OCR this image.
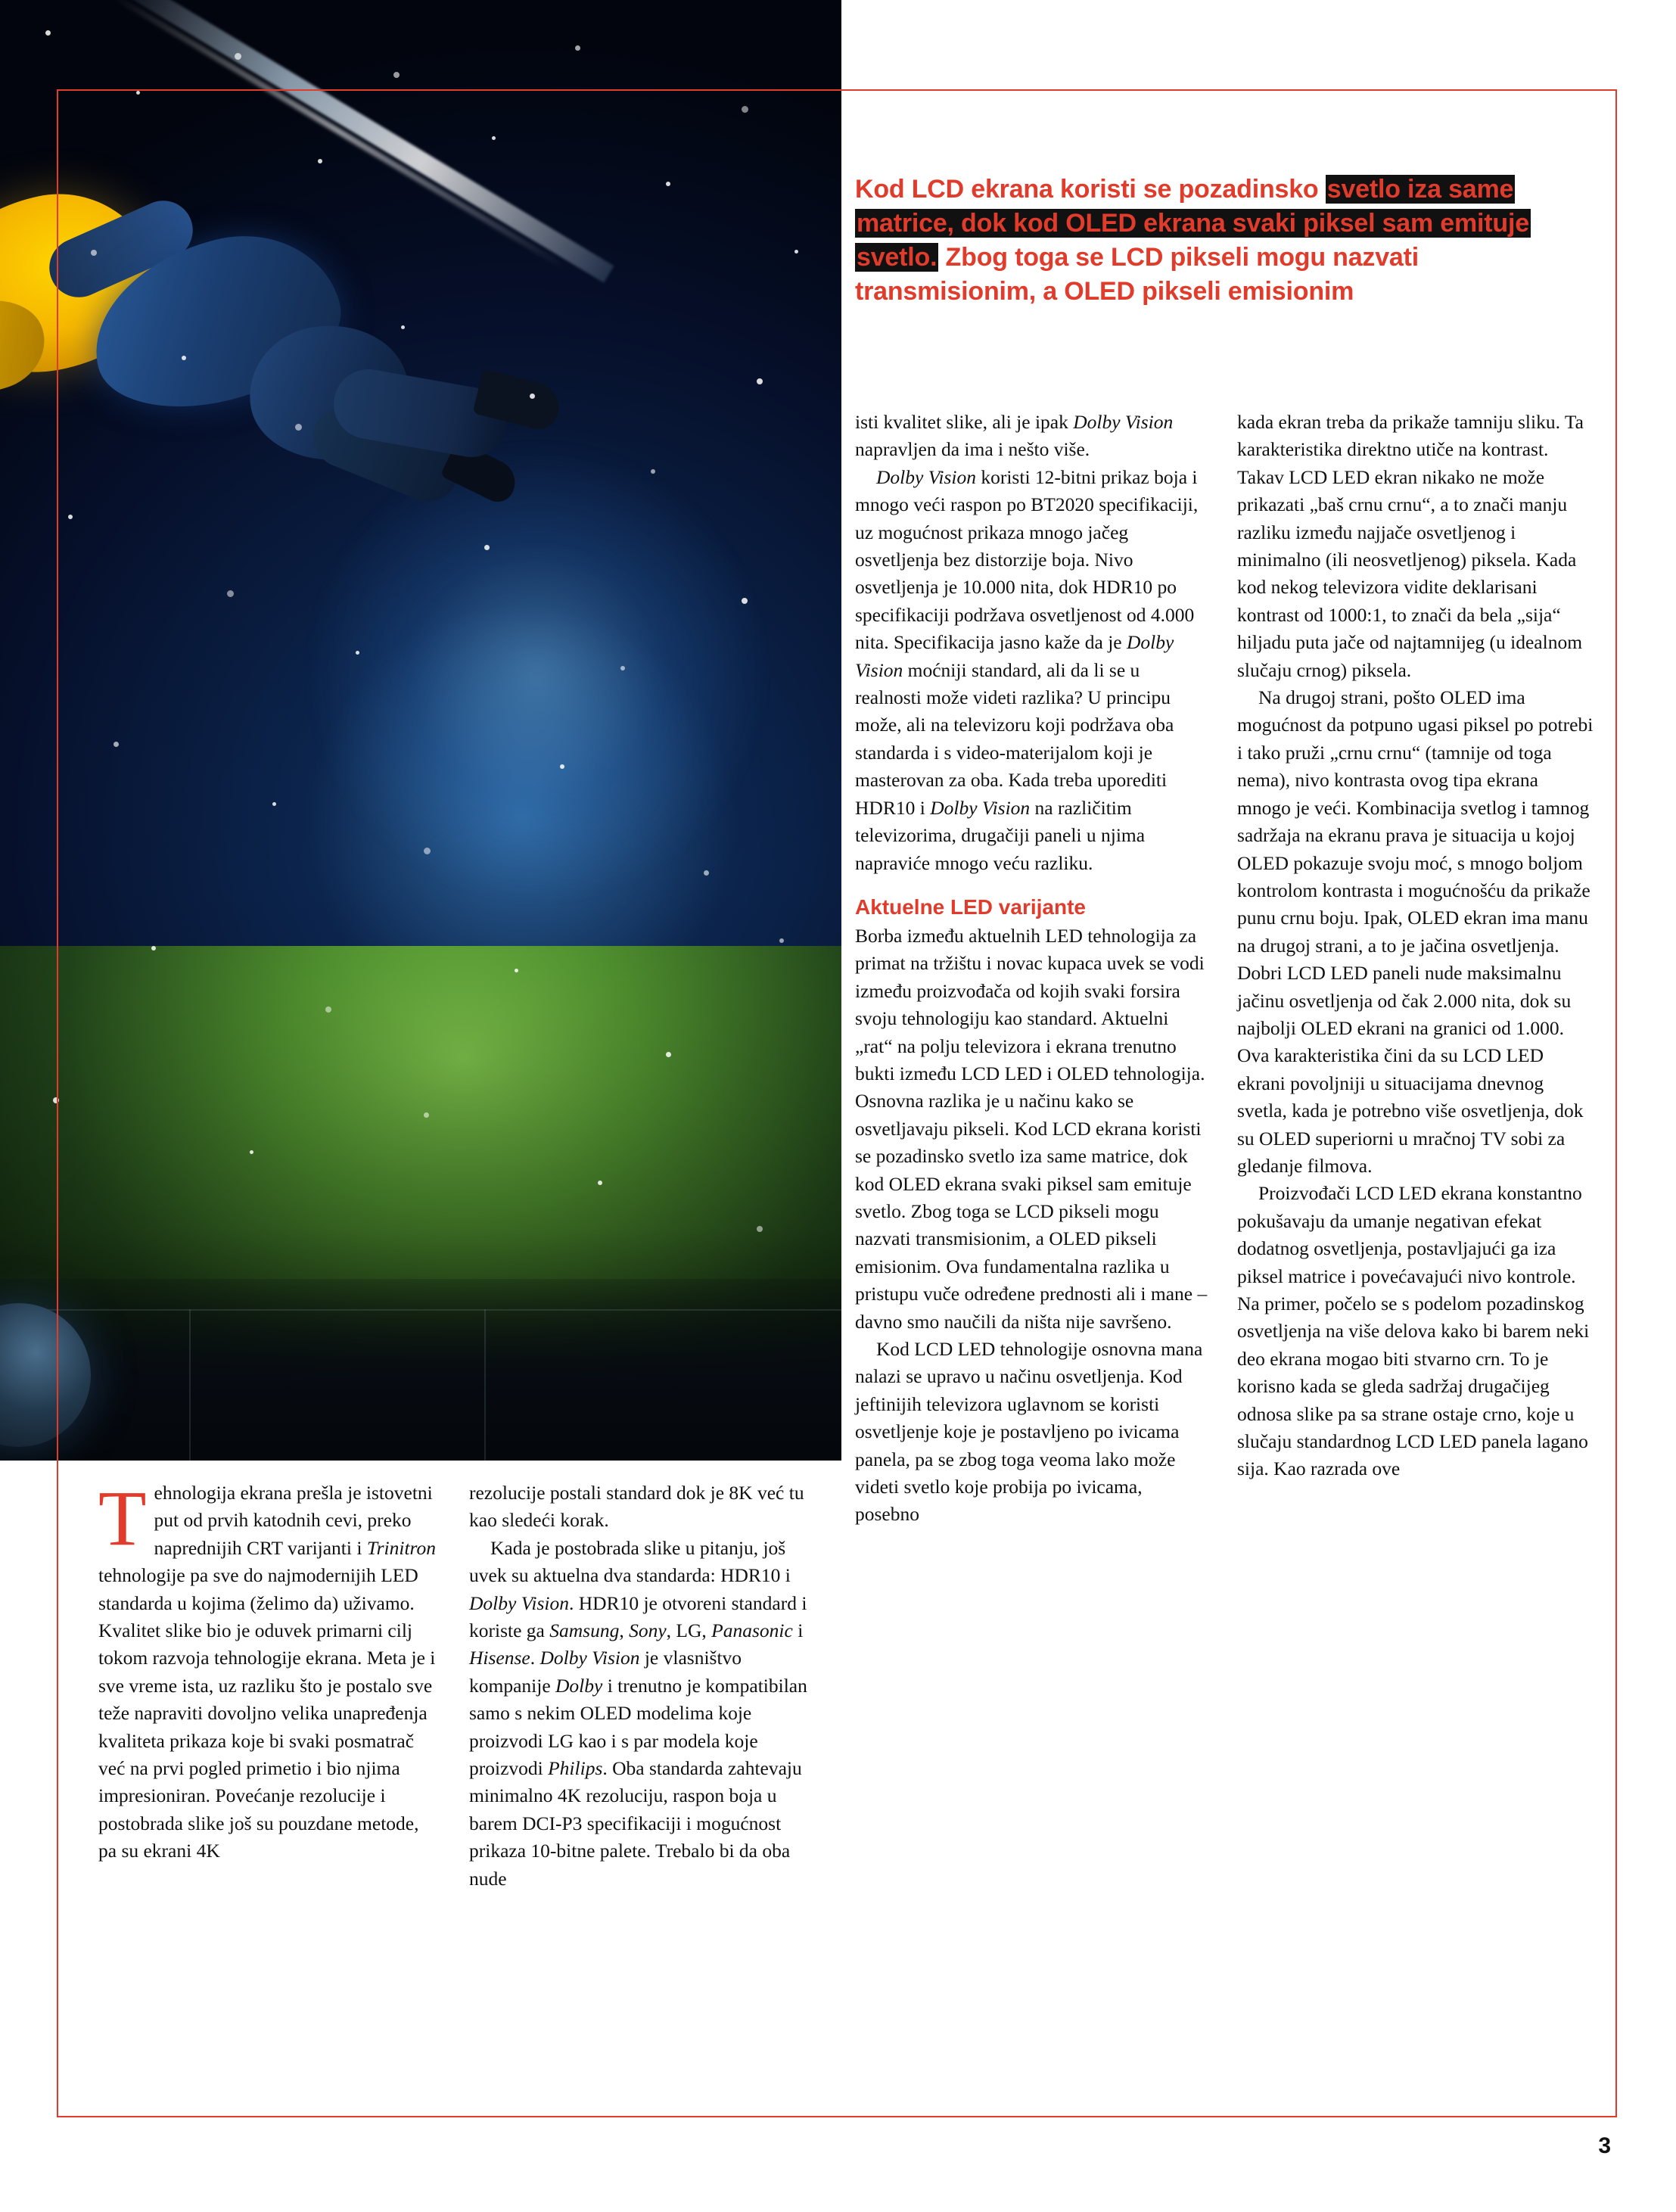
Kod LCD ekrana koristi se pozadinsko svetlo iza same matrice, dok kod OLED ekrana svaki piksel sam emituje svetlo. Zbog toga se LCD pikseli mogu nazvati transmisionim, a OLED pikseli emisionim

isti kvalitet slike, ali je ipak Dolby Vision napravljen da ima i nešto više.

Dolby Vision koristi 12-bitni prikaz boja i mnogo veći raspon po BT2020 specifikaciji, uz mogućnost prikaza mnogo jačeg osvetljenja bez distorzije boja. Nivo osvetljenja je 10.000 nita, dok HDR10 po specifikaciji podržava osvetljenost od 4.000 nita. Specifikacija jasno kaže da je Dolby Vision moćniji standard, ali da li se u realnosti može videti razlika? U principu može, ali na televizoru koji podržava oba standarda i s video-materijalom koji je masterovan za oba. Kada treba uporediti HDR10 i Dolby Vision na različitim televizorima, drugačiji paneli u njima napraviće mnogo veću razliku.

Aktuelne LED varijante

Borba između aktuelnih LED tehnologija za primat na tržištu i novac kupaca uvek se vodi između proizvođača od kojih svaki forsira svoju tehnologiju kao standard. Aktuelni „rat“ na polju televizora i ekrana trenutno bukti između LCD LED i OLED tehnologija. Osnovna razlika je u načinu kako se osvetljavaju pikseli. Kod LCD ekrana koristi se pozadinsko svetlo iza same matrice, dok kod OLED ekrana svaki piksel sam emituje svetlo. Zbog toga se LCD pikseli mogu nazvati transmisionim, a OLED pikseli emisionim. Ova fundamentalna razlika u pristupu vuče određene prednosti ali i mane – davno smo naučili da ništa nije savršeno.

Kod LCD LED tehnologije osnovna mana nalazi se upravo u načinu osvetljenja. Kod jeftinijih televizora uglavnom se koristi osvetljenje koje je postavljeno po ivicama panela, pa se zbog toga veoma lako može videti svetlo koje probija po ivicama, posebno

kada ekran treba da prikaže tamniju sliku. Ta karakteristika direktno utiče na kontrast. Takav LCD LED ekran nikako ne može prikazati „baš crnu crnu“, a to znači manju razliku između najjače osvetljenog i minimalno (ili neosvetljenog) piksela. Kada kod nekog televizora vidite deklarisani kontrast od 1000:1, to znači da bela „sija“ hiljadu puta jače od najtamnijeg (u idealnom slučaju crnog) piksela.

Na drugoj strani, pošto OLED ima mogućnost da potpuno ugasi piksel po potrebi i tako pruži „crnu crnu“ (tamnije od toga nema), nivo kontrasta ovog tipa ekrana mnogo je veći. Kombinacija svetlog i tamnog sadržaja na ekranu prava je situacija u kojoj OLED pokazuje svoju moć, s mnogo boljom kontrolom kontrasta i mogućnošću da prikaže punu crnu boju. Ipak, OLED ekran ima manu na drugoj strani, a to je jačina osvetljenja. Dobri LCD LED paneli nude maksimalnu jačinu osvetljenja od čak 2.000 nita, dok su najbolji OLED ekrani na granici od 1.000. Ova karakteristika čini da su LCD LED ekrani povoljniji u situacijama dnevnog svetla, kada je potrebno više osvetljenja, dok su OLED superiorni u mračnoj TV sobi za gledanje filmova.

Proizvođači LCD LED ekrana konstantno pokušavaju da umanje negativan efekat dodatnog osvetljenja, postavljajući ga iza piksel matrice i povećavajući nivo kontrole. Na primer, počelo se s podelom pozadinskog osvetljenja na više delova kako bi barem neki deo ekrana mogao biti stvarno crn. To je korisno kada se gleda sadržaj drugačijeg odnosa slike pa sa strane ostaje crno, koje u slučaju standardnog LCD LED panela lagano sija. Kao razrada ove

Tehnologija ekrana prešla je istovetni put od prvih katodnih cevi, preko naprednijih CRT varijanti i Trinitron tehnologije pa sve do najmodernijih LED standarda u kojima (želimo da) uživamo. Kvalitet slike bio je oduvek primarni cilj tokom razvoja tehnologije ekrana. Meta je i sve vreme ista, uz razliku što je postalo sve teže napraviti dovoljno velika unapređenja kvaliteta prikaza koje bi svaki posmatrač već na prvi pogled primetio i bio njima impresioniran. Povećanje rezolucije i postobrada slike još su pouzdane metode, pa su ekrani 4K

rezolucije postali standard dok je 8K već tu kao sledeći korak.

Kada je postobrada slike u pitanju, još uvek su aktuelna dva standarda: HDR10 i Dolby Vision. HDR10 je otvoreni standard i koriste ga Samsung, Sony, LG, Panasonic i Hisense. Dolby Vision je vlasništvo kompanije Dolby i trenutno je kompatibilan samo s nekim OLED modelima koje proizvodi LG kao i s par modela koje proizvodi Philips. Oba standarda zahtevaju minimalno 4K rezoluciju, raspon boja u barem DCI-P3 specifikaciji i mogućnost prikaza 10-bitne palete. Trebalo bi da oba nude

3
